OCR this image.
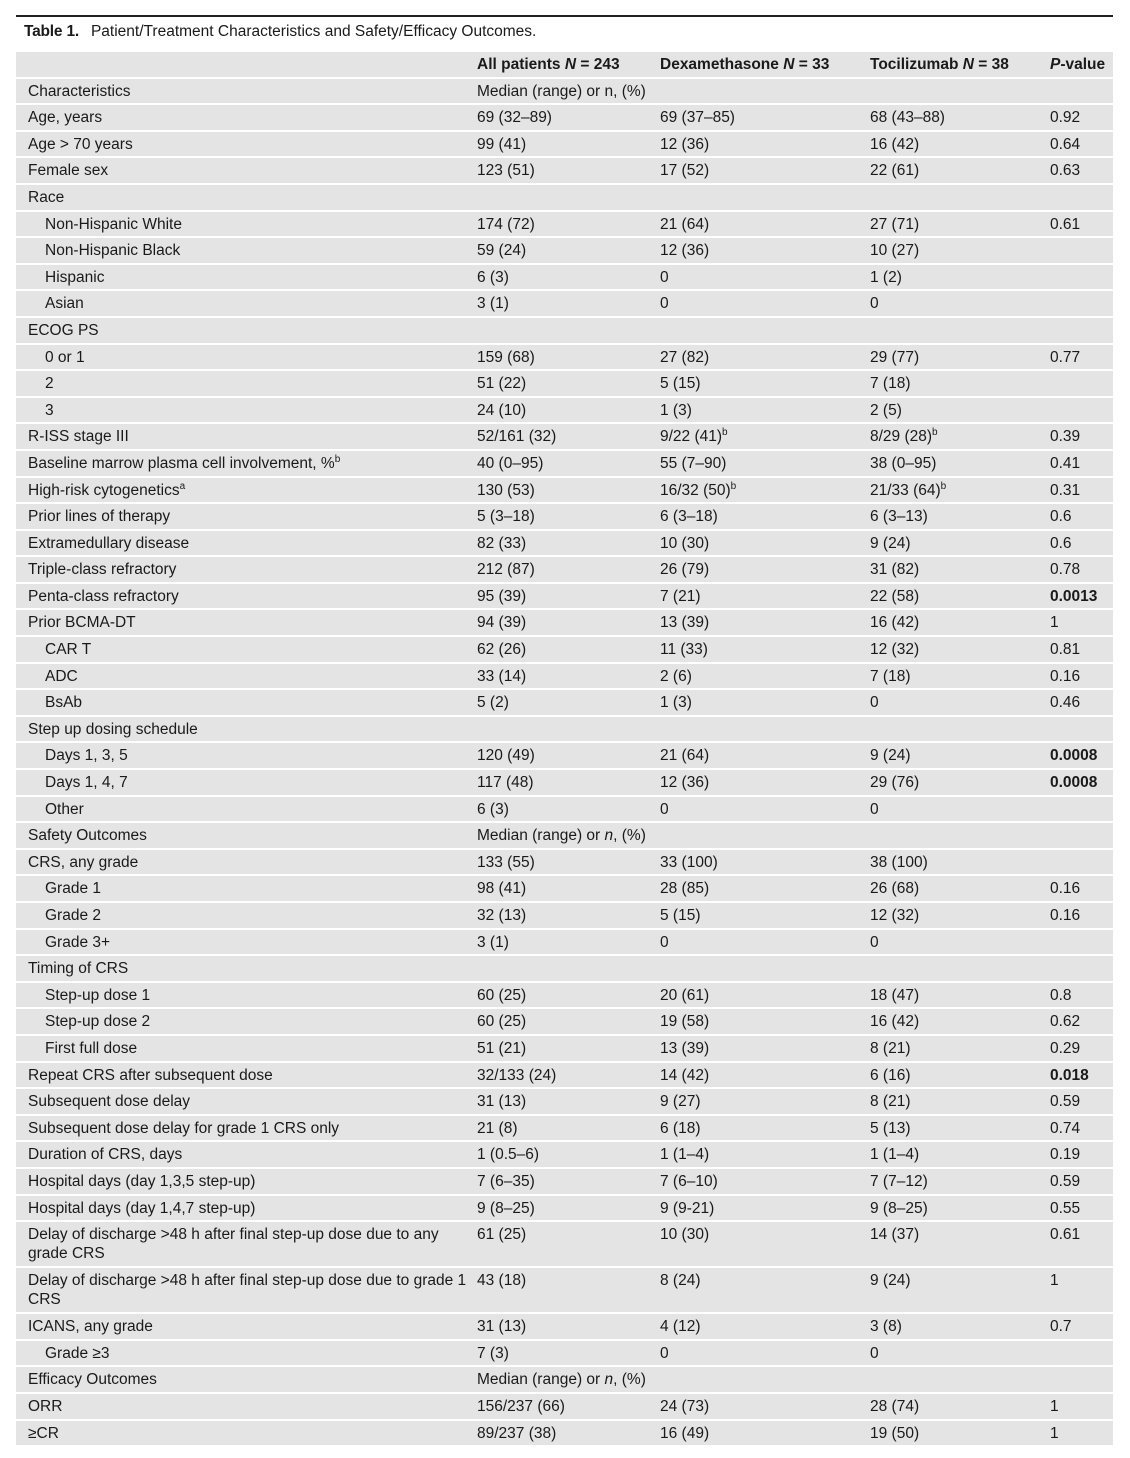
Table 1. Patient/Treatment Characteristics and Safety/Efficacy Outcomes.
All patients N = 243	Dexamethasone N = 33	Tocilizumab N = 38	P-value
Characteristics	Median (range) or n, (%)
Age, years	69 (32–89)	69 (37–85)	68 (43–88)	0.92
Age > 70 years	99 (41)	12 (36)	16 (42)	0.64
Female sex	123 (51)	17 (52)	22 (61)	0.63
Race
Non-Hispanic White	174 (72)	21 (64)	27 (71)	0.61
Non-Hispanic Black	59 (24)	12 (36)	10 (27)
Hispanic	6 (3)	0	1 (2)
Asian	3 (1)	0	0
ECOG PS
0 or 1	159 (68)	27 (82)	29 (77)	0.77
2	51 (22)	5 (15)	7 (18)
3	24 (10)	1 (3)	2 (5)
R-ISS stage III	52/161 (32)	9/22 $(41)^b$	8/29 $(28)^b$	0.39
Baseline marrow plasma cell involvement, %$^b$	40 (0–95)	55 (7–90)	38 (0–95)	0.41
High-risk cytogenetics$^a$	130 (53)	16/32 $(50)^b$	21/33 $(64)^b$	0.31
Prior lines of therapy	5 (3–18)	6 (3–18)	6 (3–13)	0.6
Extramedullary disease	82 (33)	10 (30)	9 (24)	0.6
Triple-class refractory	212 (87)	26 (79)	31 (82)	0.78
Penta-class refractory	95 (39)	7 (21)	22 (58)	0.0013
Prior BCMA-DT	94 (39)	13 (39)	16 (42)	1
CAR T	62 (26)	11 (33)	12 (32)	0.81
ADC	33 (14)	2 (6)	7 (18)	0.16
BsAb	5 (2)	1 (3)	0	0.46
Step up dosing schedule
Days 1, 3, 5	120 (49)	21 (64)	9 (24)	0.0008
Days 1, 4, 7	117 (48)	12 (36)	29 (76)	0.0008
Other	6 (3)	0	0
Safety Outcomes	Median (range) or n, (%)
CRS, any grade	133 (55)	33 (100)	38 (100)
Grade 1	98 (41)	28 (85)	26 (68)	0.16
Grade 2	32 (13)	5 (15)	12 (32)	0.16
Grade 3+	3 (1)	0	0
Timing of CRS
Step-up dose 1	60 (25)	20 (61)	18 (47)	0.8
Step-up dose 2	60 (25)	19 (58)	16 (42)	0.62
First full dose	51 (21)	13 (39)	8 (21)	0.29
Repeat CRS after subsequent dose	32/133 (24)	14 (42)	6 (16)	0.018
Subsequent dose delay	31 (13)	9 (27)	8 (21)	0.59
Subsequent dose delay for grade 1 CRS only	21 (8)	6 (18)	5 (13)	0.74
Duration of CRS, days	1 (0.5–6)	1 (1–4)	1 (1–4)	0.19
Hospital days (day 1,3,5 step-up)	7 (6–35)	7 (6–10)	7 (7–12)	0.59
Hospital days (day 1,4,7 step-up)	9 (8–25)	9 (9-21)	9 (8–25)	0.55
Delay of discharge >48 h after final step-up dose due to any grade CRS
61 (25)	10 (30)	14 (37)	0.61
Delay of discharge >48 h after final step-up dose due to grade 1 CRS
43 (18)	8 (24)	9 (24)	1
ICANS, any grade	31 (13)	4 (12)	3 (8)	0.7
Grade ≥3	7 (3)	0	0
Efficacy Outcomes	Median (range) or n, (%)
ORR	156/237 (66)	24 (73)	28 (74)	1
≥CR	89/237 (38)	16 (49)	19 (50)	1
